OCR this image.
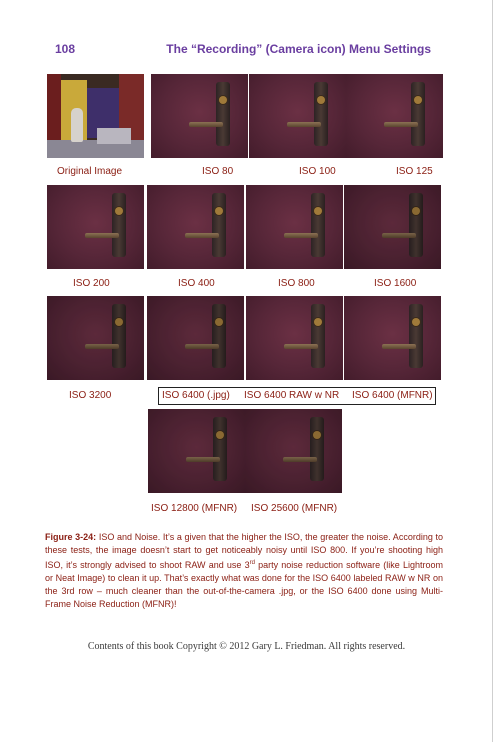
108	The “Recording” (Camera icon) Menu Settings
Original Image	ISO 80	ISO 100	ISO 125
ISO 200	ISO 400	ISO 800	ISO 1600
ISO 3200	ISO 6400 (.jpg) ISO 6400 RAW w NR ISO 6400 (MFNR)
ISO 12800 (MFNR) ISO 25600 (MFNR)
Figure 3-24: ISO and Noise. It’s a given that the higher the ISO, the greater the noise. According to these tests, the image doesn’t start to get noticeably noisy until ISO 800. If you’re shooting high ISO, it’s strongly advised to shoot RAW and use 3rd party noise reduction software (like Lightroom or Neat Image) to clean it up. That’s exactly what was done for the ISO 6400 labeled RAW w NR on the 3rd row – much cleaner than the out-of-the-camera .jpg, or the ISO 6400 done using Multi-Frame Noise Reduction (MFNR)!
Contents of this book Copyright © 2012 Gary L. Friedman. All rights reserved.
